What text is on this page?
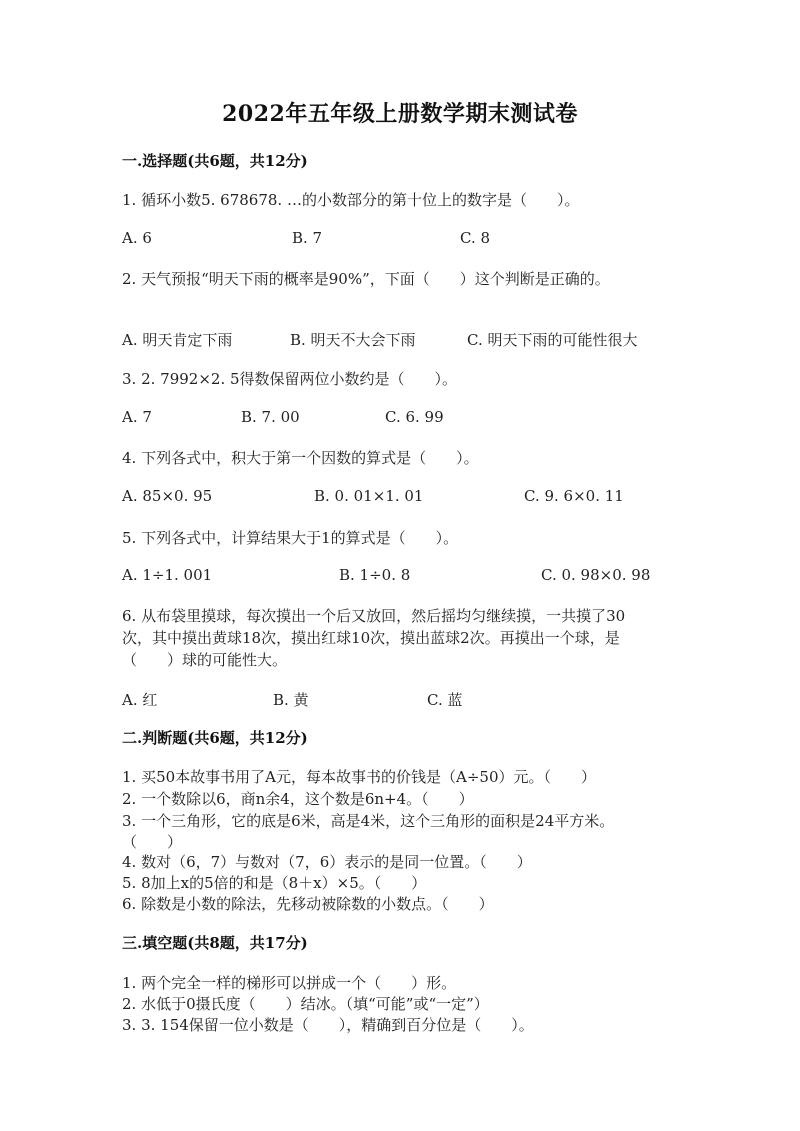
2022年五年级上册数学期末测试卷
一.选择题(共6题，共12分)
1. 循环小数5. 678678. …的小数部分的第十位上的数字是（　　）。
A. 6	B. 7	C. 8
2. 天气预报“明天下雨的概率是90%”，下面（　　）这个判断是正确的。
A. 明天肯定下雨	B. 明天不大会下雨	C. 明天下雨的可能性很大
3. 2. 7992×2. 5得数保留两位小数约是（　　）。
A. 7	B. 7. 00	C. 6. 99
4. 下列各式中，积大于第一个因数的算式是（　　）。
A. 85×0. 95	B. 0. 01×1. 01	C. 9. 6×0. 11
5. 下列各式中，计算结果大于1的算式是（　　）。
A. 1÷1. 001	B. 1÷0. 8	C. 0. 98×0. 98
6. 从布袋里摸球，每次摸出一个后又放回，然后摇均匀继续摸，一共摸了30
次，其中摸出黄球18次，摸出红球10次，摸出蓝球2次。再摸出一个球，是
（　　）球的可能性大。
A. 红	B. 黄	C. 蓝
二.判断题(共6题，共12分)
1. 买50本故事书用了A元，每本故事书的价钱是（A÷50）元。（　　）
2. 一个数除以6，商n余4，这个数是6n+4。（　　）
3. 一个三角形，它的底是6米，高是4米，这个三角形的面积是24平方米。
（　　）
4. 数对（6，7）与数对（7，6）表示的是同一位置。（　　）
5. 8加上x的5倍的和是（8＋x）×5。（　　）
6. 除数是小数的除法，先移动被除数的小数点。（　　）
三.填空题(共8题，共17分)
1. 两个完全一样的梯形可以拼成一个（　　）形。
2. 水低于0摄氏度（　　）结冰。（填“可能”或“一定”）
3. 3. 154保留一位小数是（　　），精确到百分位是（　　）。
